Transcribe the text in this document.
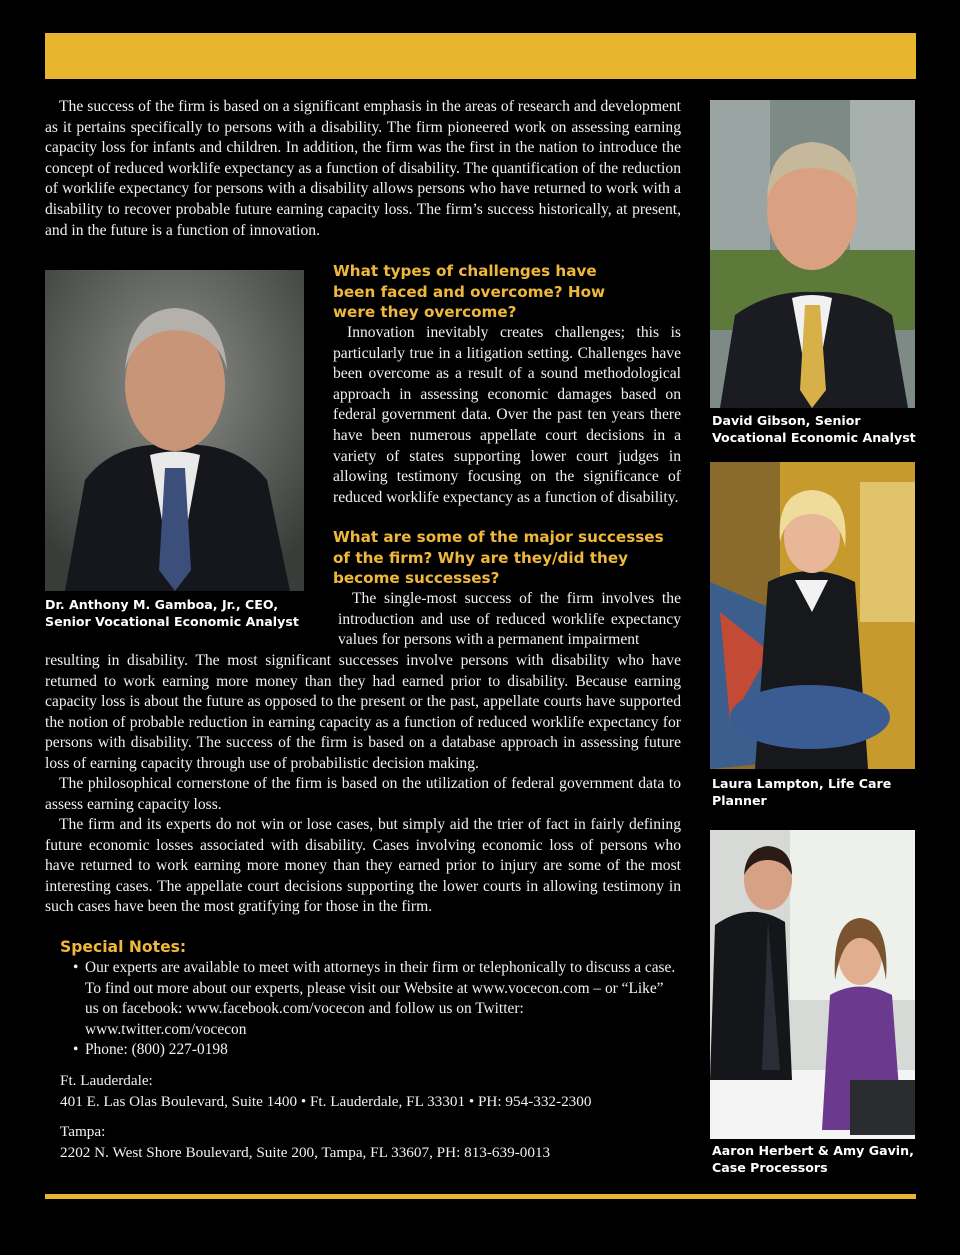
The success of the firm is based on a significant emphasis in the areas of research and development as it pertains specifically to persons with a disability. The firm pioneered work on assessing earning capacity loss for infants and children. In addition, the firm was the first in the nation to introduce the concept of reduced worklife expectancy as a function of disability. The quantification of the reduction of worklife expectancy for persons with a disability allows persons who have returned to work with a disability to recover probable future earning capacity loss. The firm’s success historically, at present, and in the future is a function of innovation.

Dr. Anthony M. Gamboa, Jr., CEO, Senior Vocational Economic Analyst

What types of challenges have been faced and overcome? How were they overcome?

Innovation inevitably creates challenges; this is particularly true in a litigation setting. Challenges have been overcome as a result of a sound methodological approach in assessing economic damages based on federal government data. Over the past ten years there have been numerous appellate court decisions in a variety of states supporting lower court judges in allowing testimony focusing on the significance of reduced worklife expectancy as a function of disability.

What are some of the major successes of the firm? Why are they/did they become successes?

The single-most success of the firm involves the introduction and use of reduced worklife expectancy values for persons with a permanent impairment

resulting in disability. The most significant successes involve persons with disability who have returned to work earning more money than they had earned prior to disability. Because earning capacity loss is about the future as opposed to the present or the past, appellate courts have supported the notion of probable reduction in earning capacity as a function of reduced worklife expectancy for persons with disability. The success of the firm is based on a database approach in assessing future loss of earning capacity through use of probabilistic decision making.

The philosophical cornerstone of the firm is based on the utilization of federal government data to assess earning capacity loss.

The firm and its experts do not win or lose cases, but simply aid the trier of fact in fairly defining future economic losses associated with disability. Cases involving economic loss of persons who have returned to work earning more money than they earned prior to injury are some of the most interesting cases. The appellate court decisions supporting the lower courts in allowing testimony in such cases have been the most gratifying for those in the firm.

David Gibson, Senior Vocational Economic Analyst

Laura Lampton, Life Care Planner

Aaron Herbert & Amy Gavin, Case Processors

Special Notes:
• Our experts are available to meet with attorneys in their firm or telephonically to discuss a case. To find out more about our experts, please visit our Website at www.vocecon.com – or “Like” us on facebook: www.facebook.com/vocecon and follow us on Twitter: www.twitter.com/vocecon
• Phone: (800) 227-0198

Ft. Lauderdale:

401 E. Las Olas Boulevard, Suite 1400 • Ft. Lauderdale, FL 33301 • PH: 954-332-2300

Tampa:

2202 N. West Shore Boulevard, Suite 200, Tampa, FL 33607, PH: 813-639-0013
